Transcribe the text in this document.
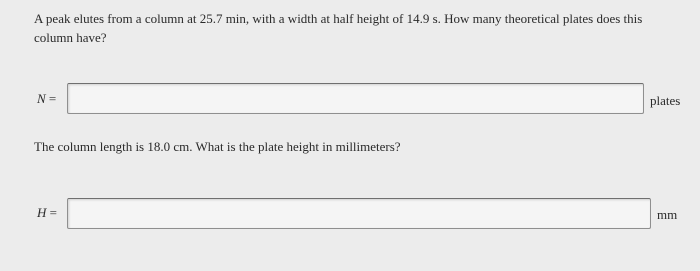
A peak elutes from a column at 25.7 min, with a width at half height of 14.9 s. How many theoretical plates does this column have?
N =	plates
The column length is 18.0 cm. What is the plate height in millimeters?
H =	mm
